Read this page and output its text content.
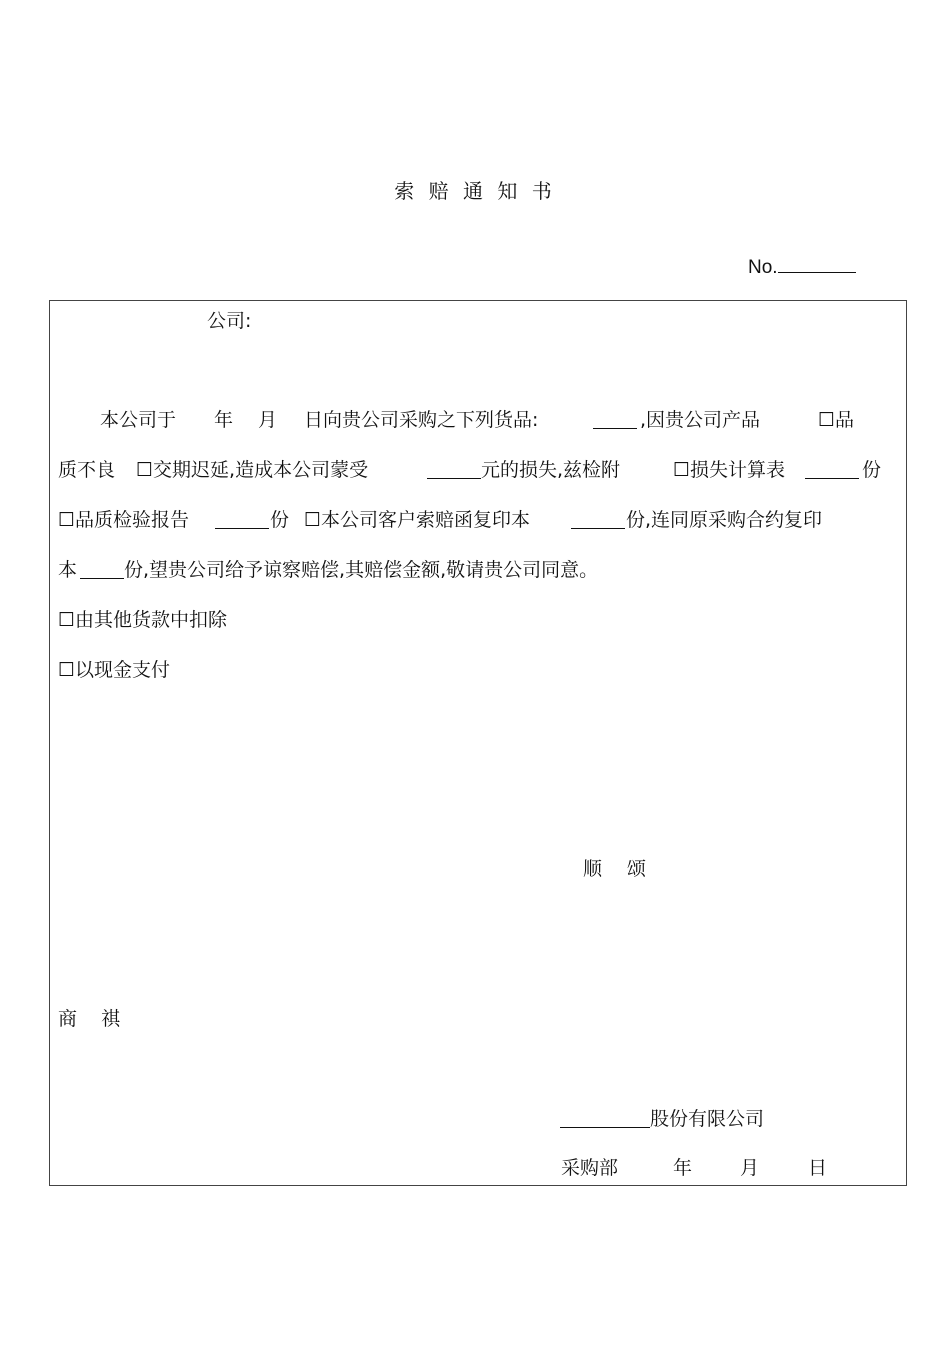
索 赔 通 知 书
No.
公司:
本公司于 年 月 日向贵公司采购之下列货品:	,因贵公司产品	☐品
质不良 ☐交期迟延,造成本公司蒙受	元的损失,兹检附	☐损失计算表	份
☐品质检验报告	份 ☐本公司客户索赔函复印本	份,连同原采购合约复印
本 份,望贵公司给予谅察赔偿,其赔偿金额,敬请贵公司同意。
☐由其他货款中扣除
☐以现金支付
顺 颂
商 祺
股份有限公司
采购部	年	月	日
